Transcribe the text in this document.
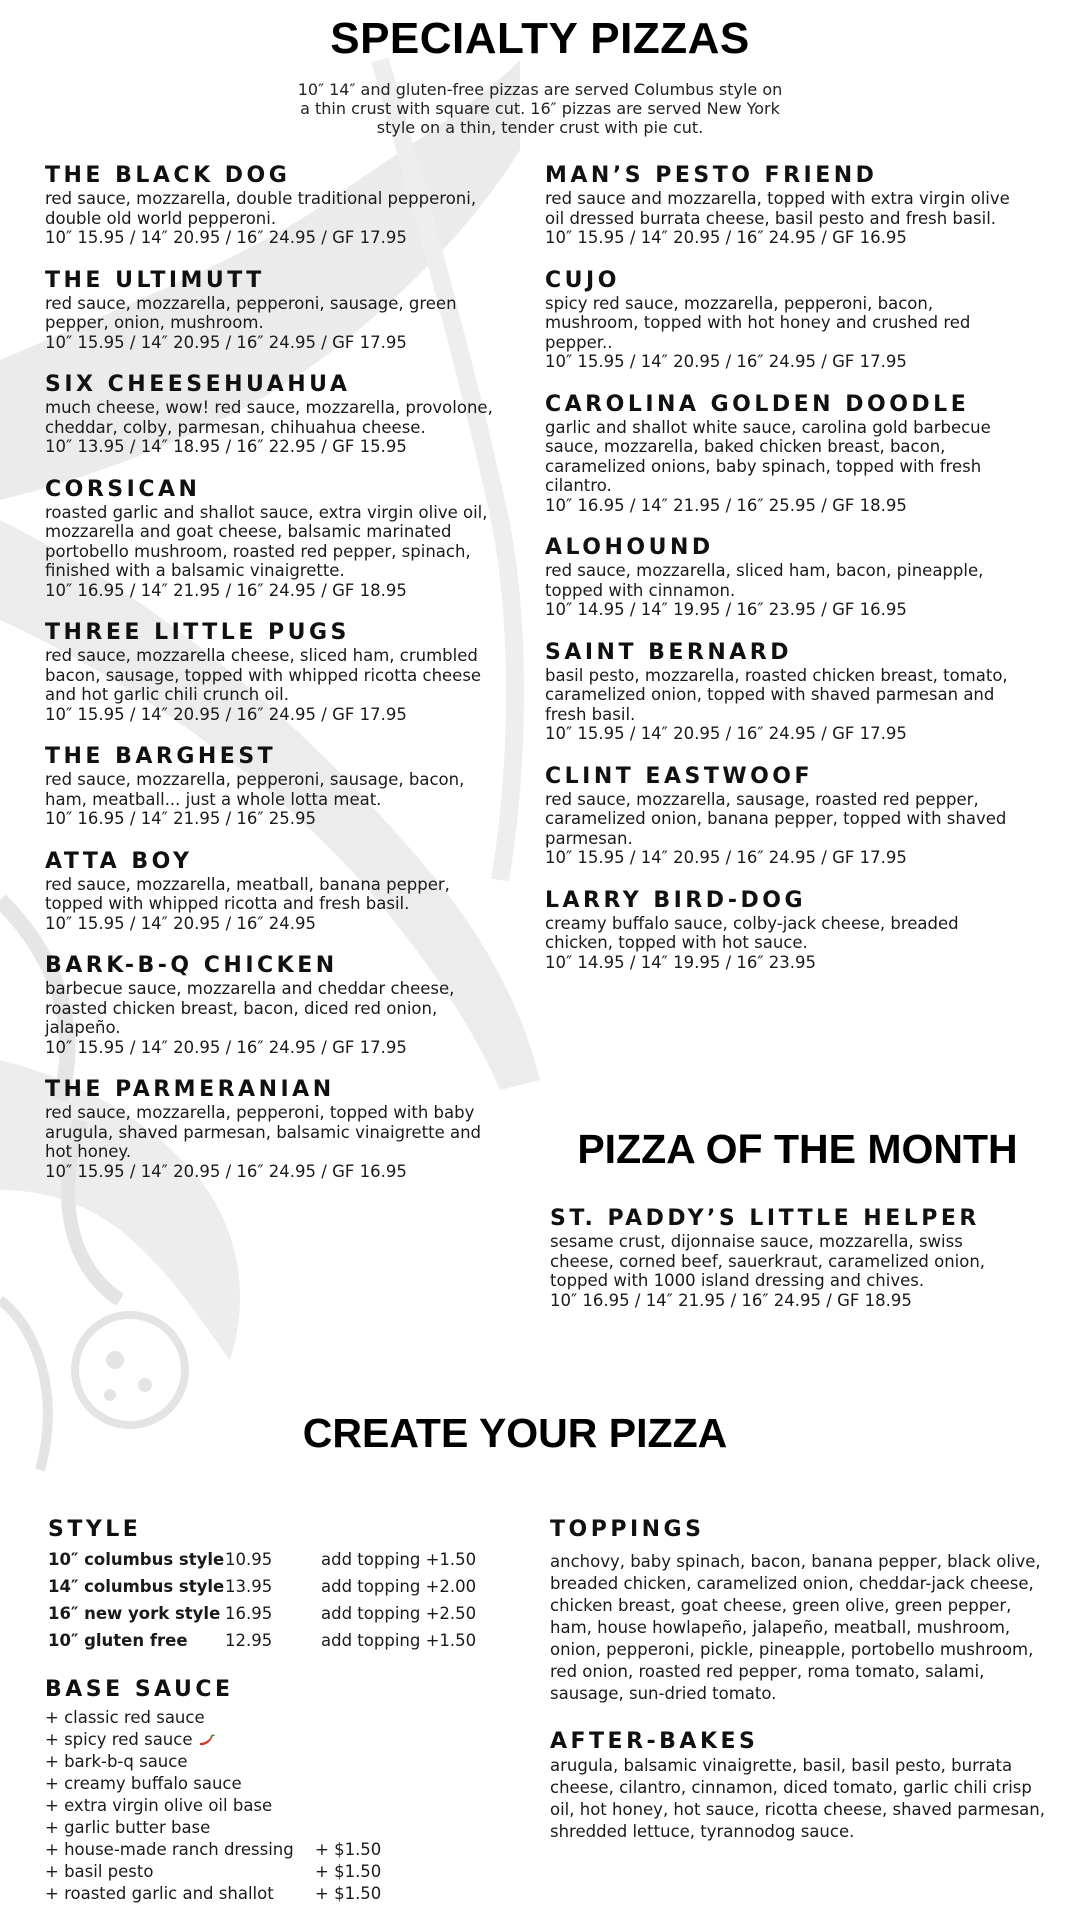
SPECIALTY PIZZAS
10″ 14″ and gluten-free pizzas are served Columbus style on
a thin crust with square cut. 16″ pizzas are served New York
style on a thin, tender crust with pie cut.

THE BLACK DOG

red sauce, mozzarella, double traditional pepperoni, double old world pepperoni.

10″ 15.95 / 14″ 20.95 / 16″ 24.95 / GF 17.95

THE ULTIMUTT

red sauce, mozzarella, pepperoni, sausage, green pepper, onion, mushroom.

10″ 15.95 / 14″ 20.95 / 16″ 24.95 / GF 17.95

SIX CHEESEHUAHUA

much cheese, wow! red sauce, mozzarella, provolone, cheddar, colby, parmesan, chihuahua cheese.

10″ 13.95 / 14″ 18.95 / 16″ 22.95 / GF 15.95

CORSICAN

roasted garlic and shallot sauce, extra virgin olive oil, mozzarella and goat cheese, balsamic marinated portobello mushroom, roasted red pepper, spinach, finished with a balsamic vinaigrette.

10″ 16.95 / 14″ 21.95 / 16″ 24.95 / GF 18.95

THREE LITTLE PUGS

red sauce, mozzarella cheese, sliced ham, crumbled bacon, sausage, topped with whipped ricotta cheese and hot garlic chili crunch oil.

10″ 15.95 / 14″ 20.95 / 16″ 24.95 / GF 17.95

THE BARGHEST

red sauce, mozzarella, pepperoni, sausage, bacon, ham, meatball... just a whole lotta meat.

10″ 16.95 / 14″ 21.95 / 16″ 25.95

ATTA BOY

red sauce, mozzarella, meatball, banana pepper, topped with whipped ricotta and fresh basil.

10″ 15.95 / 14″ 20.95 / 16″ 24.95

BARK-B-Q CHICKEN

barbecue sauce, mozzarella and cheddar cheese, roasted chicken breast, bacon, diced red onion, jalapeño.

10″ 15.95 / 14″ 20.95 / 16″ 24.95 / GF 17.95

THE PARMERANIAN

red sauce, mozzarella, pepperoni, topped with baby arugula, shaved parmesan, balsamic vinaigrette and hot honey.

10″ 15.95 / 14″ 20.95 / 16″ 24.95 / GF 16.95

MAN’S PESTO FRIEND

red sauce and mozzarella, topped with extra virgin olive oil dressed burrata cheese, basil pesto and fresh basil.

10″ 15.95 / 14″ 20.95 / 16″ 24.95 / GF 16.95

CUJO

spicy red sauce, mozzarella, pepperoni, bacon, mushroom, topped with hot honey and crushed red pepper..

10″ 15.95 / 14″ 20.95 / 16″ 24.95 / GF 17.95

CAROLINA GOLDEN DOODLE

garlic and shallot white sauce, carolina gold barbecue sauce, mozzarella, baked chicken breast, bacon, caramelized onions, baby spinach, topped with fresh cilantro.

10″ 16.95 / 14″ 21.95 / 16″ 25.95 / GF 18.95

ALOHOUND

red sauce, mozzarella, sliced ham, bacon, pineapple, topped with cinnamon.

10″ 14.95 / 14″ 19.95 / 16″ 23.95 / GF 16.95

SAINT BERNARD

basil pesto, mozzarella, roasted chicken breast, tomato, caramelized onion, topped with shaved parmesan and fresh basil.

10″ 15.95 / 14″ 20.95 / 16″ 24.95 / GF 17.95

CLINT EASTWOOF

red sauce, mozzarella, sausage, roasted red pepper, caramelized onion, banana pepper, topped with shaved parmesan.

10″ 15.95 / 14″ 20.95 / 16″ 24.95 / GF 17.95

LARRY BIRD-DOG

creamy buffalo sauce, colby-jack cheese, breaded chicken, topped with hot sauce.

10″ 14.95 / 14″ 19.95 / 16″ 23.95

PIZZA OF THE MONTH

ST. PADDY’S LITTLE HELPER

sesame crust, dijonnaise sauce, mozzarella, swiss cheese, corned beef, sauerkraut, caramelized onion, topped with 1000 island dressing and chives.

10″ 16.95 / 14″ 21.95 / 16″ 24.95 / GF 18.95

CREATE YOUR PIZZA

STYLE

10″ columbus style 10.95	add topping +1.50
14″ columbus style 13.95	add topping +2.00
16″ new york style 16.95	add topping +2.50
10″ gluten free	12.95	add topping +1.50

BASE SAUCE

+ classic red sauce
+ spicy red sauce
+ bark-b-q sauce
+ creamy buffalo sauce
+ extra virgin olive oil base
+ garlic butter base
+ house-made ranch dressing	+ $1.50
+ basil pesto	+ $1.50
+ roasted garlic and shallot	+ $1.50

TOPPINGS

anchovy, baby spinach, bacon, banana pepper, black olive, breaded chicken, caramelized onion, cheddar-jack cheese, chicken breast, goat cheese, green olive, green pepper, ham, house howlapeño, jalapeño, meatball, mushroom, onion, pepperoni, pickle, pineapple, portobello mushroom, red onion, roasted red pepper, roma tomato, salami, sausage, sun-dried tomato.

AFTER-BAKES

arugula, balsamic vinaigrette, basil, basil pesto, burrata cheese, cilantro, cinnamon, diced tomato, garlic chili crisp oil, hot honey, hot sauce, ricotta cheese, shaved parmesan, shredded lettuce, tyrannodog sauce.
